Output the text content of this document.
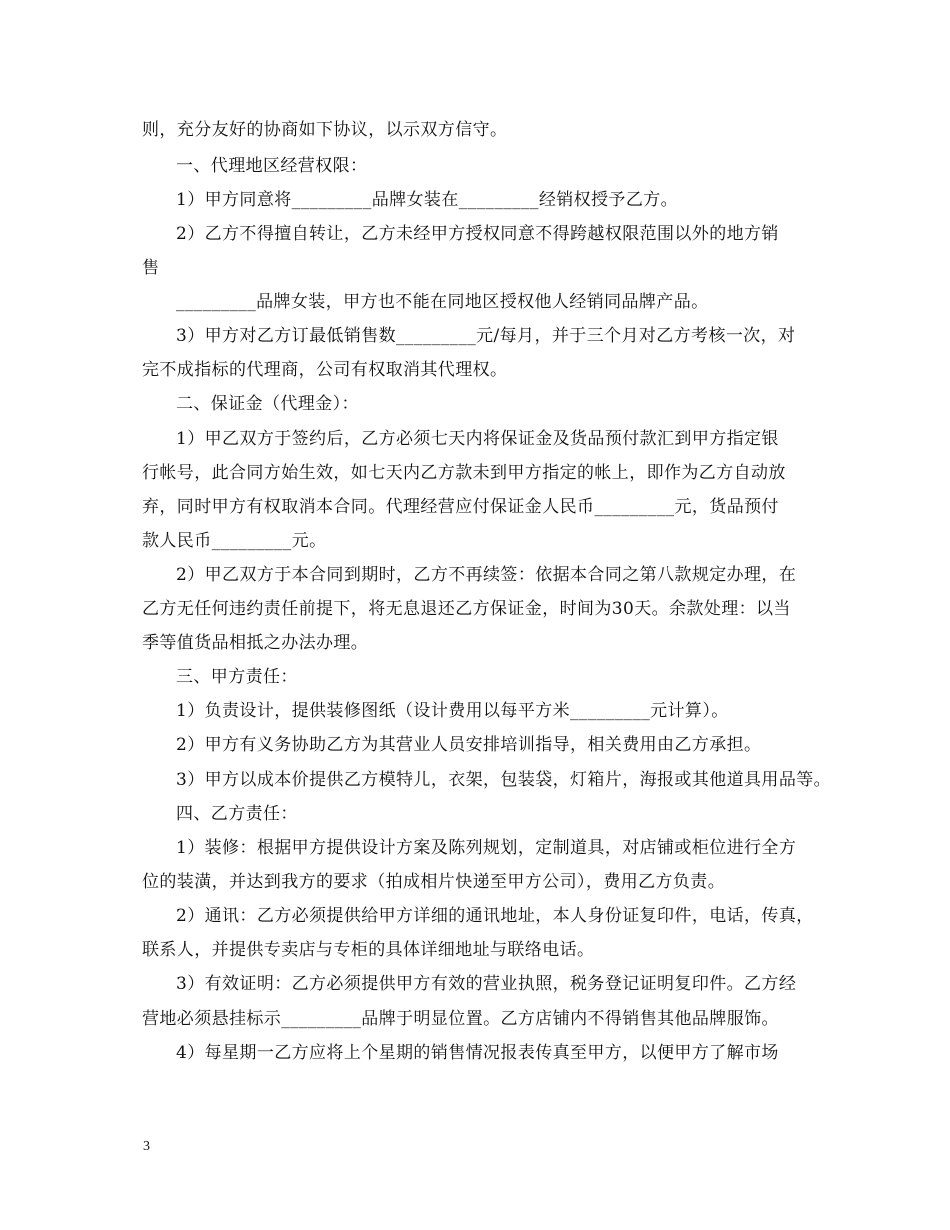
则，充分友好的协商如下协议，以示双方信守。
一、代理地区经营权限：
1）甲方同意将_________品牌女装在_________经销权授予乙方。
2）乙方不得擅自转让，乙方未经甲方授权同意不得跨越权限范围以外的地方销
售
_________品牌女装，甲方也不能在同地区授权他人经销同品牌产品。
3）甲方对乙方订最低销售数_________元/每月，并于三个月对乙方考核一次，对
完不成指标的代理商，公司有权取消其代理权。
二、保证金（代理金）：
1）甲乙双方于签约后，乙方必须七天内将保证金及货品预付款汇到甲方指定银
行帐号，此合同方始生效，如七天内乙方款未到甲方指定的帐上，即作为乙方自动放
弃，同时甲方有权取消本合同。代理经营应付保证金人民币_________元，货品预付
款人民币_________元。
2）甲乙双方于本合同到期时，乙方不再续签：依据本合同之第八款规定办理，在
乙方无任何违约责任前提下，将无息退还乙方保证金，时间为30天。余款处理：以当
季等值货品相抵之办法办理。
三、甲方责任：
1）负责设计，提供装修图纸（设计费用以每平方米_________元计算）。
2）甲方有义务协助乙方为其营业人员安排培训指导，相关费用由乙方承担。
3）甲方以成本价提供乙方模特儿，衣架，包装袋，灯箱片，海报或其他道具用品等。
四、乙方责任：
1）装修：根据甲方提供设计方案及陈列规划，定制道具，对店铺或柜位进行全方
位的装潢，并达到我方的要求（拍成相片快递至甲方公司），费用乙方负责。
2）通讯：乙方必须提供给甲方详细的通讯地址，本人身份证复印件，电话，传真，
联系人，并提供专卖店与专柜的具体详细地址与联络电话。
3）有效证明：乙方必须提供甲方有效的营业执照，税务登记证明复印件。乙方经
营地必须悬挂标示_________品牌于明显位置。乙方店铺内不得销售其他品牌服饰。
4）每星期一乙方应将上个星期的销售情况报表传真至甲方，以便甲方了解市场
3
